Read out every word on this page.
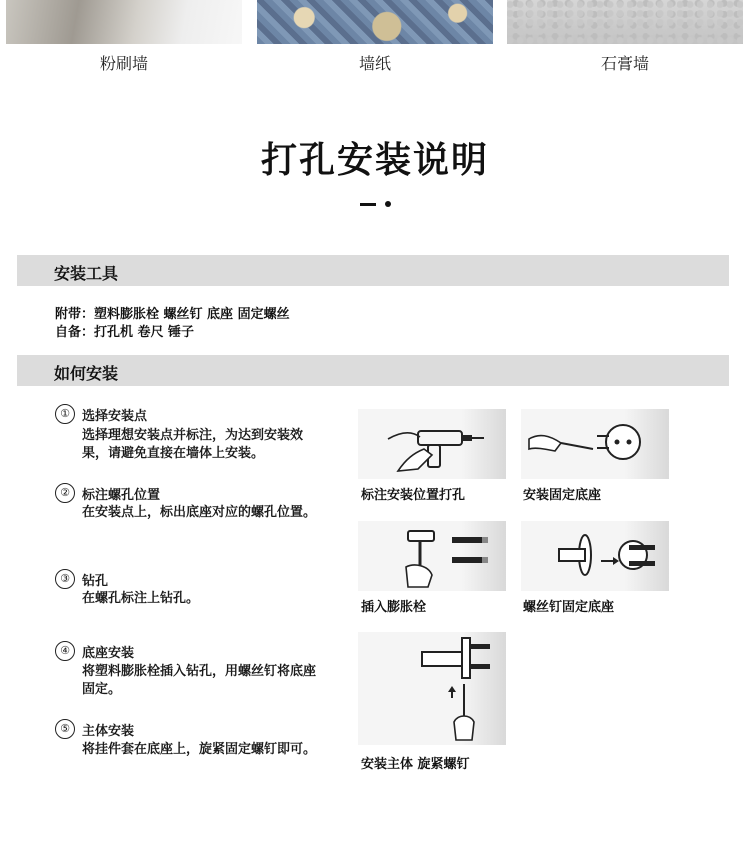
粉刷墙	墙纸	石膏墙
打孔安装说明
安装工具
附带：塑料膨胀栓 螺丝钉 底座 固定螺丝
自备：打孔机 卷尺 锤子
如何安装
① 选择安装点
选择理想安装点并标注，为达到安装效果，请避免直接在墙体上安装。
② 标注螺孔位置
在安装点上，标出底座对应的螺孔位置。
③ 钻孔
在螺孔标注上钻孔。
④ 底座安装
将塑料膨胀栓插入钻孔，用螺丝钉将底座固定。
⑤ 主体安装
将挂件套在底座上，旋紧固定螺钉即可。
标注安装位置打孔	安装固定底座
插入膨胀栓	螺丝钉固定底座
安装主体 旋紧螺钉
